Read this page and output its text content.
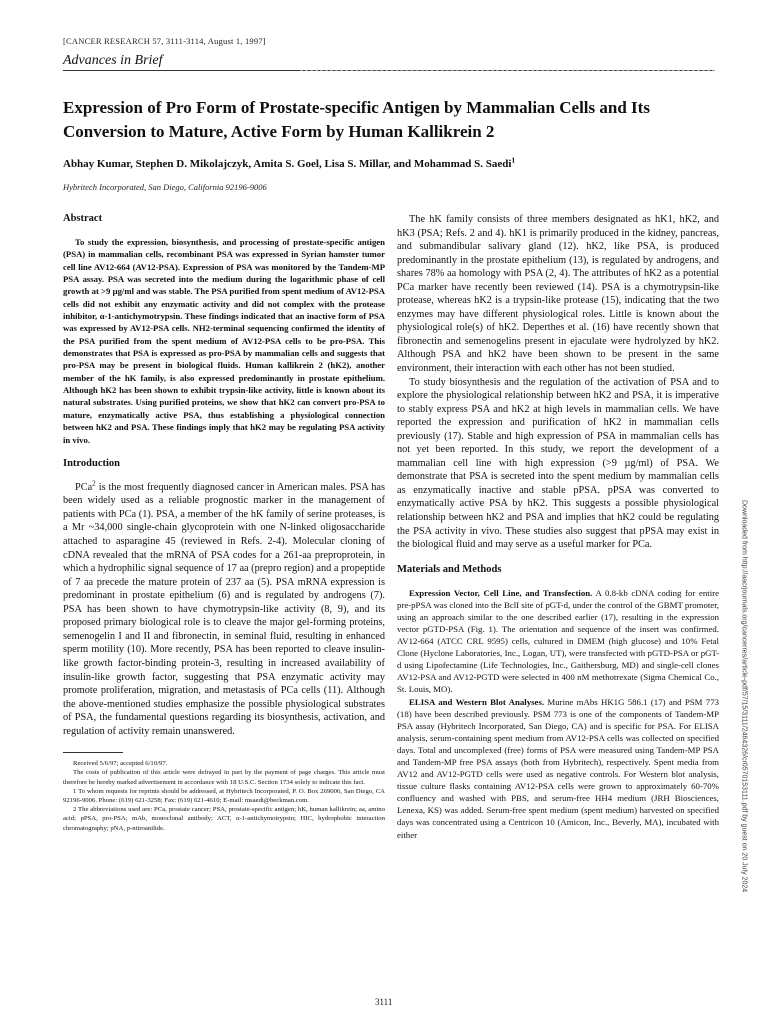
[CANCER RESEARCH 57, 3111-3114, August 1, 1997]
Advances in Brief
Expression of Pro Form of Prostate-specific Antigen by Mammalian Cells and Its Conversion to Mature, Active Form by Human Kallikrein 2
Abhay Kumar, Stephen D. Mikolajczyk, Amita S. Goel, Lisa S. Millar, and Mohammad S. Saedi$^1$
Hybritech Incorporated, San Diego, California 92196-9006
Abstract

To study the expression, biosynthesis, and processing of prostate-specific antigen (PSA) in mammalian cells, recombinant PSA was expressed in Syrian hamster tumor cell line AV12-664 (AV12-PSA). Expression of PSA was monitored by the Tandem-MP PSA assay. PSA was secreted into the medium during the logarithmic phase of cell growth at >9 µg/ml and was stable. The PSA purified from spent medium of AV12-PSA cells did not exhibit any enzymatic activity and did not complex with the protease inhibitor, α-1-antichymotrypsin. These findings indicated that an inactive form of PSA was expressed by AV12-PSA cells. NH2-terminal sequencing confirmed the identity of the PSA purified from the spent medium of AV12-PSA cells to be pro-PSA. This demonstrates that PSA is expressed as pro-PSA by mammalian cells and suggests that pro-PSA may be present in biological fluids. Human kallikrein 2 (hK2), another member of the hK family, is also expressed predominantly in prostate epithelium. Although hK2 has been shown to exhibit trypsin-like activity, little is known about its natural substrates. Using purified proteins, we show that hK2 can convert pro-PSA to mature, enzymatically active PSA, thus establishing a physiological connection between hK2 and PSA. These findings imply that hK2 may be regulating PSA activity in vivo.

Introduction

PCa$^2$ is the most frequently diagnosed cancer in American males. PSA has been widely used as a reliable prognostic marker in the management of patients with PCa (1). PSA, a member of the hK family of serine proteases, is a Mr ~34,000 single-chain glycoprotein with one N-linked oligosaccharide attached to asparagine 45 (reviewed in Refs. 2-4). Molecular cloning of cDNA revealed that the mRNA of PSA codes for a 261-aa preproprotein, in which a hydrophilic signal sequence of 17 aa (prepro region) and a propeptide of 7 aa precede the mature protein of 237 aa (5). PSA mRNA expression is predominant in prostate epithelium (6) and is regulated by androgens (7). PSA has been shown to have chymotrypsin-like activity (8, 9), and its proposed primary biological role is to cleave the major gel-forming proteins, semenogelin I and II and fibronectin, in seminal fluid, resulting in enhanced sperm motility (10). More recently, PSA has been reported to cleave insulin-like growth factor-binding protein-3, resulting in increased availability of insulin-like growth factor, suggesting that PSA enzymatic activity may promote proliferation, migration, and metastasis of PCa cells (11). Although the above-mentioned studies emphasize the possible physiological substrates of PSA, the fundamental questions regarding its biosynthesis, activation, and regulation of activity remain unanswered.

Received 5/6/97; accepted 6/10/97.

The costs of publication of this article were defrayed in part by the payment of page charges. This article must therefore be hereby marked advertisement in accordance with 18 U.S.C. Section 1734 solely to indicate this fact.

1 To whom requests for reprints should be addressed, at Hybritech Incorporated, P. O. Box 269006, San Diego, CA 92196-9006. Phone: (619) 621-3258; Fax: (619) 621-4610; E-mail: msaedi@beckman.com.

2 The abbreviations used are: PCa, prostate cancer; PSA, prostate-specific antigen; hK, human kallikrein; aa, amino acid; pPSA, pro-PSA; mAb, monoclonal antibody; ACT, α-1-antichymotrypsin; HIC, hydrophobic interaction chromatography; pNA, p-nitroanilide.

The hK family consists of three members designated as hK1, hK2, and hK3 (PSA; Refs. 2 and 4). hK1 is primarily produced in the kidney, pancreas, and submandibular salivary gland (12). hK2, like PSA, is produced predominantly in the prostate epithelium (13), is regulated by androgens, and shares 78% aa homology with PSA (2, 4). The attributes of hK2 as a potential PCa marker have recently been reviewed (14). PSA is a chymotrypsin-like protease, whereas hK2 is a trypsin-like protease (15), indicating that the two enzymes may have different physiological roles. Little is known about the physiological role(s) of hK2. Deperthes et al. (16) have recently shown that fibronectin and semenogelins present in ejaculate were hydrolyzed by hK2. Although PSA and hK2 have been shown to be present in the same environment, their interaction with each other has not been studied.

To study biosynthesis and the regulation of the activation of PSA and to explore the physiological relationship between hK2 and PSA, it is imperative to stably express PSA and hK2 at high levels in mammalian cells. We have reported the expression and purification of hK2 in mammalian cells previously (17). Stable and high expression of PSA in mammalian cells has not yet been reported. In this study, we report the development of a mammalian cell line with high expression (>9 µg/ml) of PSA. We demonstrate that PSA is secreted into the spent medium by mammalian cells as enzymatically inactive and stable pPSA. pPSA was converted to enzymatically active PSA by hK2. This suggests a possible physiological relationship between hK2 and PSA and implies that hK2 could be regulating the PSA activity in vivo. These studies also suggest that pPSA may exist in the biological fluid and may serve as a useful marker for PCa.

Materials and Methods

Expression Vector, Cell Line, and Transfection. A 0.8-kb cDNA coding for entire pre-pPSA was cloned into the BclI site of pGT-d, under the control of the GBMT promoter, using an approach similar to the one described earlier (17), resulting in the expression vector pGTD-PSA (Fig. 1). The orientation and sequence of the insert was confirmed. AV12-664 (ATCC CRL 9595) cells, cultured in DMEM (high glucose) and 10% Fetal Clone (Hyclone Laboratories, Inc., Logan, UT), were transfected with pGTD-PSA or pGT-d using Lipofectamine (Life Technologies, Inc., Gaithersburg, MD) and single-cell clones AV12-PSA and AV12-PGTD were selected in 400 nM methotrexate (Sigma Chemical Co., St. Louis, MO).

ELISA and Western Blot Analyses. Murine mAbs HK1G 586.1 (17) and PSM 773 (18) have been described previously. PSM 773 is one of the components of Tandem-MP PSA assay (Hybritech Incorporated, San Diego, CA) and is specific for PSA. For ELISA analysis, serum-containing spent medium from AV12-PSA cells was collected on specified days. Total and uncomplexed (free) forms of PSA were measured using Tandem-MP PSA and Tandem-MP free PSA assays (both from Hybritech), respectively. Spent media from AV12 and AV12-PGTD cells were used as negative controls. For Western blot analysis, tissue culture flasks containing AV12-PSA cells were grown to approximately 60-70% confluency and washed with PBS, and serum-free HH4 medium (JRH Biosciences, Lenexa, KS) was added. Serum-free spent medium (spent medium) harvested on specified days was concentrated using a Centricon 10 (Amicon, Inc., Beverly, MA), incubated with either	Downloaded from http://aacrjournals.org/cancerres/article-pdf/57/15/3111/2464326/cr0570153111.pdf by guest on 20 July 2024
3111
